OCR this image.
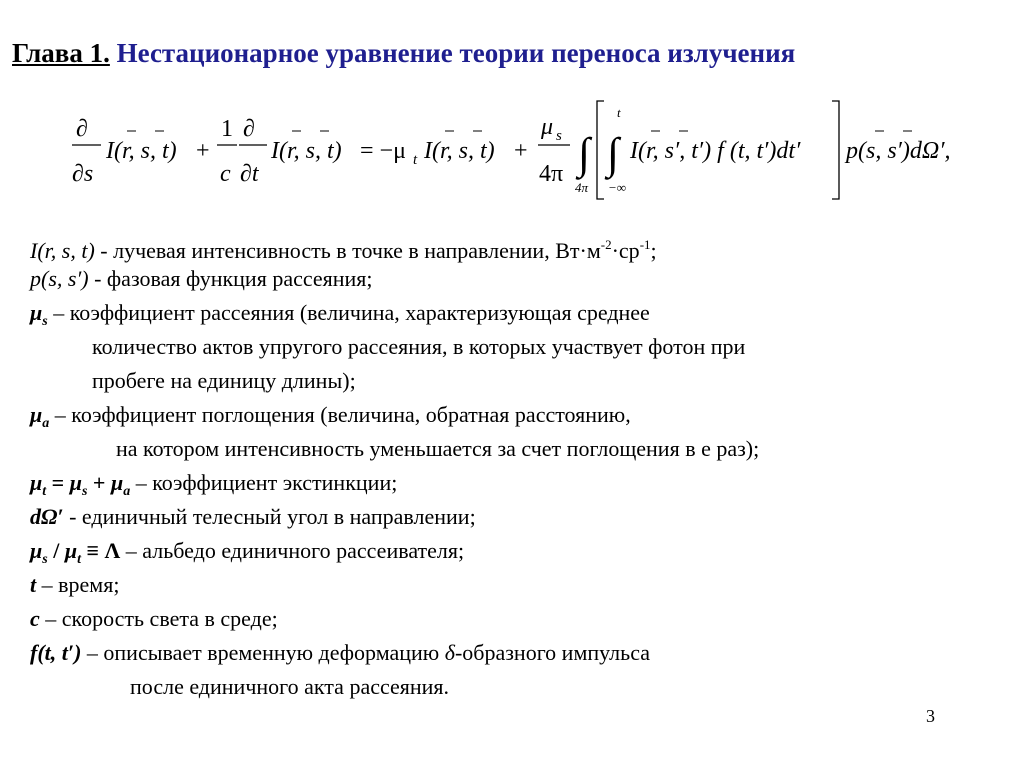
Глава 1. Нестационарное уравнение теории переноса излучения
∂
∂s
I(r, s, t) +
1
c
∂
∂t
I(r, s, t) = −μ t I(r, s, t) +
μ s
4π ∫
4π
t
∫
−∞
I(r, s′, t′) f (t, t′)dt′ p(s, s′)dΩ′,
I(r, s, t) - лучевая интенсивность в точке в направлении, $Вт\cdot м^{-2}\cdot ср^{-1}$;
p(s, s′) - фазовая функция рассеяния;
$\mu_s$ – коэффициент рассеяния (величина, характеризующая среднее
количество актов упругого рассеяния, в которых участвует фотон при
пробеге на единицу длины);
$\mu_a$ – коэффициент поглощения (величина, обратная расстоянию,
на котором интенсивность уменьшается за счет поглощения в е раз);
$\mu_t = \mu_s + \mu_a$ – коэффициент экстинкции;
dΩ′ - единичный телесный угол в направлении;
$\mu_s / \mu_t \equiv \Lambda$ – альбедо единичного рассеивателя;
t – время;
c – скорость света в среде;
f(t, t′) – описывает временную деформацию δ-образного импульса
после единичного акта рассеяния.
3
